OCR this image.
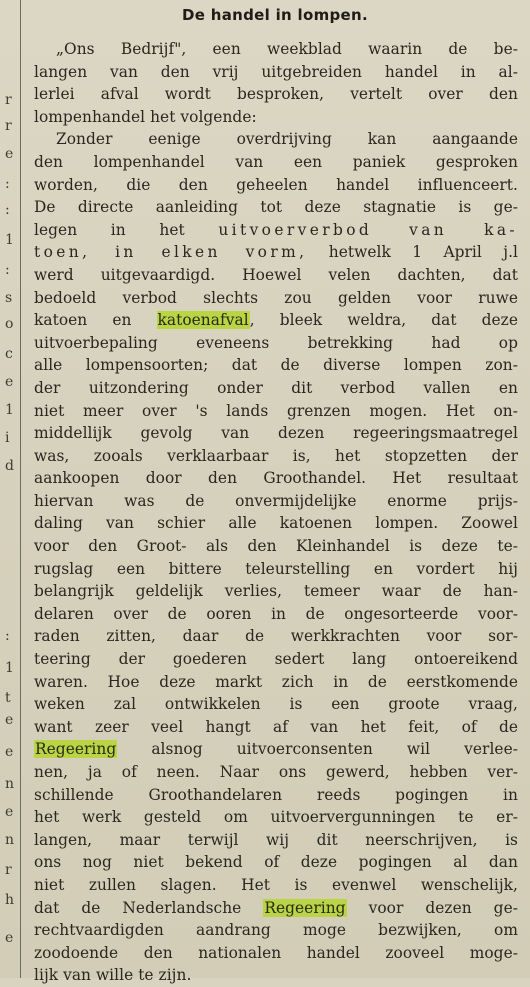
r
r
e
:
:
1
:
s
o
c
e
1
i
d
:
1
t
e
e
n
e
n
r
h
e
De handel in lompen.
„Ons Bedrijf", een weekblad waarin de be-
langen van den vrij uitgebreiden handel in al-
lerlei afval wordt besproken, vertelt over den
lompenhandel het volgende:
Zonder eenige overdrijving kan aangaande
den lompenhandel van een paniek gesproken
worden, die den geheelen handel influenceert.
De directe aanleiding tot deze stagnatie is ge-
legen in het uitvoerverbod van ka-
toen, in elken vorm, hetwelk 1 April j.l
werd uitgevaardigd. Hoewel velen dachten, dat
bedoeld verbod slechts zou gelden voor ruwe
katoen en katoenafval, bleek weldra, dat deze
uitvoerbepaling eveneens betrekking had op
alle lompensoorten; dat de diverse lompen zon-
der uitzondering onder dit verbod vallen en
niet meer over 's lands grenzen mogen. Het on-
middellijk gevolg van dezen regeeringsmaatregel
was, zooals verklaarbaar is, het stopzetten der
aankoopen door den Groothandel. Het resultaat
hiervan was de onvermijdelijke enorme prijs-
daling van schier alle katoenen lompen. Zoowel
voor den Groot- als den Kleinhandel is deze te-
rugslag een bittere teleurstelling en vordert hij
belangrijk geldelijk verlies, temeer waar de han-
delaren over de ooren in de ongesorteerde voor-
raden zitten, daar de werkkrachten voor sor-
teering der goederen sedert lang ontoereikend
waren. Hoe deze markt zich in de eerstkomende
weken zal ontwikkelen is een groote vraag,
want zeer veel hangt af van het feit, of de
Regeering alsnog uitvoerconsenten wil verlee-
nen, ja of neen. Naar ons gewerd, hebben ver-
schillende Groothandelaren reeds pogingen in
het werk gesteld om uitvoervergunningen te er-
langen, maar terwijl wij dit neerschrijven, is
ons nog niet bekend of deze pogingen al dan
niet zullen slagen. Het is evenwel wenschelijk,
dat de Nederlandsche Regeering voor dezen ge-
rechtvaardigden aandrang moge bezwijken, om
zoodoende den nationalen handel zooveel moge-
lijk van wille te zijn.
